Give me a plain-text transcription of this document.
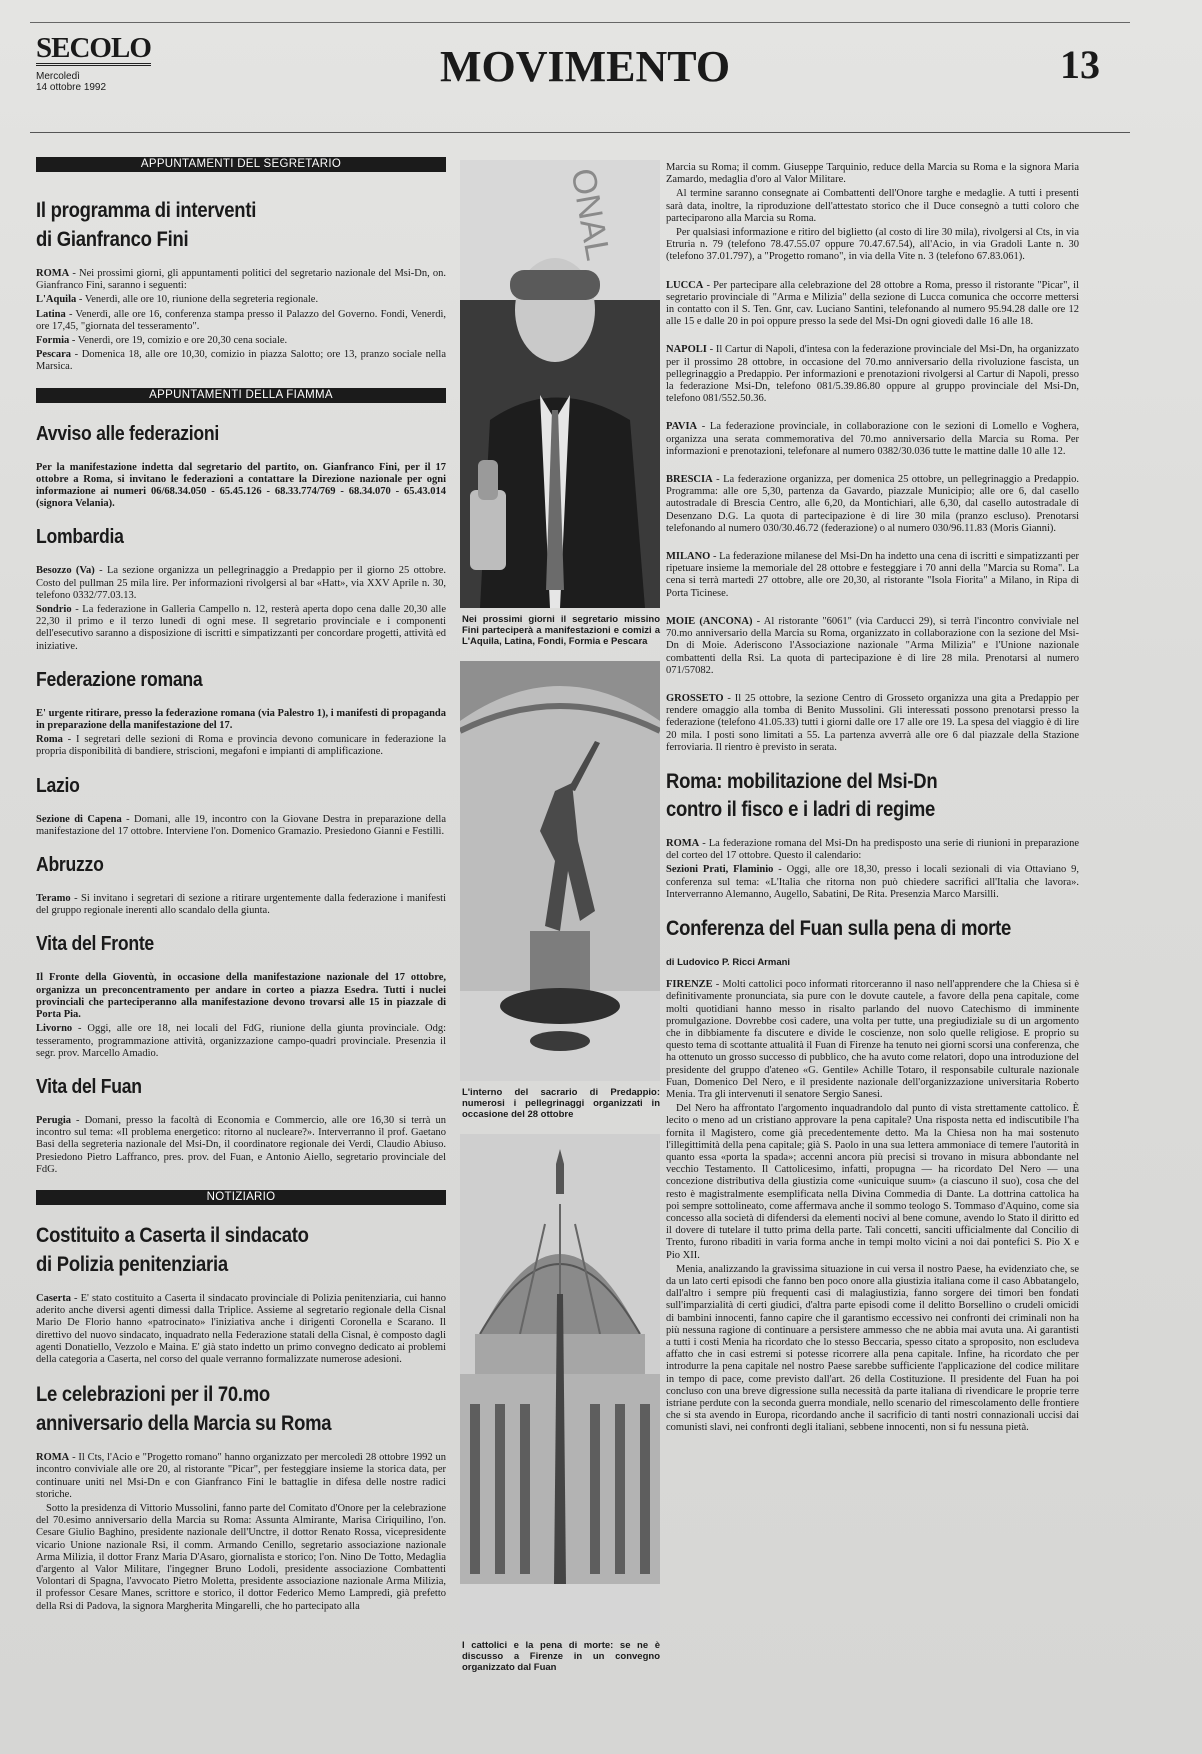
SECOLO
Mercoledì
14 ottobre 1992	MOVIMENTO	13
APPUNTAMENTI DEL SEGRETARIO
Il programma di interventi
di Gianfranco Fini

ROMA - Nei prossimi giorni, gli appuntamenti politici del segretario nazionale del Msi-Dn, on. Gianfranco Fini, saranno i seguenti:

L'Aquila - Venerdì, alle ore 10, riunione della segreteria regionale.

Latina - Venerdì, alle ore 16, conferenza stampa presso il Palazzo del Governo. Fondi, Venerdì, ore 17,45, "giornata del tesseramento".

Formia - Venerdì, ore 19, comizio e ore 20,30 cena sociale.

Pescara - Domenica 18, alle ore 10,30, comizio in piazza Salotto; ore 13, pranzo sociale nella Marsica.

APPUNTAMENTI DELLA FIAMMA
Avviso alle federazioni

Per la manifestazione indetta dal segretario del partito, on. Gianfranco Fini, per il 17 ottobre a Roma, si invitano le federazioni a contattare la Direzione nazionale per ogni informazione ai numeri 06/68.34.050 - 65.45.126 - 68.33.774/769 - 68.34.070 - 65.43.014 (signora Velania).

Lombardia

Besozzo (Va) - La sezione organizza un pellegrinaggio a Predappio per il giorno 25 ottobre. Costo del pullman 25 mila lire. Per informazioni rivolgersi al bar «Hatt», via XXV Aprile n. 30, telefono 0332/77.03.13.

Sondrio - La federazione in Galleria Campello n. 12, resterà aperta dopo cena dalle 20,30 alle 22,30 il primo e il terzo lunedì di ogni mese. Il segretario provinciale e i componenti dell'esecutivo saranno a disposizione di iscritti e simpatizzanti per concordare progetti, attività ed iniziative.

Federazione romana

E' urgente ritirare, presso la federazione romana (via Palestro 1), i manifesti di propaganda in preparazione della manifestazione del 17.

Roma - I segretari delle sezioni di Roma e provincia devono comunicare in federazione la propria disponibilità di bandiere, striscioni, megafoni e impianti di amplificazione.

Lazio

Sezione di Capena - Domani, alle 19, incontro con la Giovane Destra in preparazione della manifestazione del 17 ottobre. Interviene l'on. Domenico Gramazio. Presiedono Gianni e Festilli.

Abruzzo

Teramo - Si invitano i segretari di sezione a ritirare urgentemente dalla federazione i manifesti del gruppo regionale inerenti allo scandalo della giunta.

Vita del Fronte

Il Fronte della Gioventù, in occasione della manifestazione nazionale del 17 ottobre, organizza un preconcentramento per andare in corteo a piazza Esedra. Tutti i nuclei provinciali che parteciperanno alla manifestazione devono trovarsi alle 15 in piazzale di Porta Pia.

Livorno - Oggi, alle ore 18, nei locali del FdG, riunione della giunta provinciale. Odg: tesseramento, programmazione attività, organizzazione campo-quadri provinciale. Presenzia il segr. prov. Marcello Amadio.

Vita del Fuan

Perugia - Domani, presso la facoltà di Economia e Commercio, alle ore 16,30 si terrà un incontro sul tema: «Il problema energetico: ritorno al nucleare?». Interverranno il prof. Gaetano Basi della segreteria nazionale del Msi-Dn, il coordinatore regionale dei Verdi, Claudio Abiuso. Presiedono Pietro Laffranco, pres. prov. del Fuan, e Antonio Aiello, segretario provinciale del FdG.

NOTIZIARIO
Costituito a Caserta il sindacato
di Polizia penitenziaria

Caserta - E' stato costituito a Caserta il sindacato provinciale di Polizia penitenziaria, cui hanno aderito anche diversi agenti dimessi dalla Triplice. Assieme al segretario regionale della Cisnal Mario De Florio hanno «patrocinato» l'iniziativa anche i dirigenti Coronella e Scarano. Il direttivo del nuovo sindacato, inquadrato nella Federazione statali della Cisnal, è composto dagli agenti Donatiello, Vezzolo e Maina. E' già stato indetto un primo convegno dedicato ai problemi della categoria a Caserta, nel corso del quale verranno formalizzate numerose adesioni.

Le celebrazioni per il 70.mo
anniversario della Marcia su Roma

ROMA - Il Cts, l'Acio e "Progetto romano" hanno organizzato per mercoledì 28 ottobre 1992 un incontro conviviale alle ore 20, al ristorante "Picar", per festeggiare insieme la storica data, per continuare uniti nel Msi-Dn e con Gianfranco Fini le battaglie in difesa delle nostre radici storiche.

Sotto la presidenza di Vittorio Mussolini, fanno parte del Comitato d'Onore per la celebrazione del 70.esimo anniversario della Marcia su Roma: Assunta Almirante, Marisa Ciriquilino, l'on. Cesare Giulio Baghino, presidente nazionale dell'Unctre, il dottor Renato Rossa, vicepresidente vicario Unione nazionale Rsi, il comm. Armando Cenillo, segretario associazione nazionale Arma Milizia, il dottor Franz Maria D'Asaro, giornalista e storico; l'on. Nino De Totto, Medaglia d'argento al Valor Militare, l'ingegner Bruno Lodoli, presidente associazione Combattenti Volontari di Spagna, l'avvocato Pietro Moletta, presidente associazione nazionale Arma Milizia, il professor Cesare Manes, scrittore e storico, il dottor Federico Memo Lampredi, già prefetto della Rsi di Padova, la signora Margherita Mingarelli, che ho partecipato alla

ONAL
Nei prossimi giorni il segretario missino Fini parteciperà a manifestazioni e comizi a L'Aquila, Latina, Fondi, Formia e Pescara
L'interno del sacrario di Predappio: numerosi i pellegrinaggi organizzati in occasione del 28 ottobre
I cattolici e la pena di morte: se ne è discusso a Firenze in un convegno organizzato dal Fuan

Marcia su Roma; il comm. Giuseppe Tarquinio, reduce della Marcia su Roma e la signora Maria Zamardo, medaglia d'oro al Valor Militare.

Al termine saranno consegnate ai Combattenti dell'Onore targhe e medaglie. A tutti i presenti sarà data, inoltre, la riproduzione dell'attestato storico che il Duce consegnò a tutti coloro che parteciparono alla Marcia su Roma.

Per qualsiasi informazione e ritiro del biglietto (al costo di lire 30 mila), rivolgersi al Cts, in via Etruria n. 79 (telefono 78.47.55.07 oppure 70.47.67.54), all'Acio, in via Gradoli Lante n. 30 (telefono 37.01.797), a "Progetto romano", in via della Vite n. 3 (telefono 67.83.061).

LUCCA - Per partecipare alla celebrazione del 28 ottobre a Roma, presso il ristorante "Picar", il segretario provinciale di "Arma e Milizia" della sezione di Lucca comunica che occorre mettersi in contatto con il S. Ten. Gnr, cav. Luciano Santini, telefonando al numero 95.94.28 dalle ore 12 alle 15 e dalle 20 in poi oppure presso la sede del Msi-Dn ogni giovedì dalle 16 alle 18.

NAPOLI - Il Cartur di Napoli, d'intesa con la federazione provinciale del Msi-Dn, ha organizzato per il prossimo 28 ottobre, in occasione del 70.mo anniversario della rivoluzione fascista, un pellegrinaggio a Predappio. Per informazioni e prenotazioni rivolgersi al Cartur di Napoli, presso la federazione Msi-Dn, telefono 081/5.39.86.80 oppure al gruppo provinciale del Msi-Dn, telefono 081/552.50.36.

PAVIA - La federazione provinciale, in collaborazione con le sezioni di Lomello e Voghera, organizza una serata commemorativa del 70.mo anniversario della Marcia su Roma. Per informazioni e prenotazioni, telefonare al numero 0382/30.036 tutte le mattine dalle 10 alle 12.

BRESCIA - La federazione organizza, per domenica 25 ottobre, un pellegrinaggio a Predappio. Programma: alle ore 5,30, partenza da Gavardo, piazzale Municipio; alle ore 6, dal casello autostradale di Brescia Centro, alle 6,20, da Montichiari, alle 6,30, dal casello autostradale di Desenzano D.G. La quota di partecipazione è di lire 30 mila (pranzo escluso). Prenotarsi telefonando al numero 030/30.46.72 (federazione) o al numero 030/96.11.83 (Moris Gianni).

MILANO - La federazione milanese del Msi-Dn ha indetto una cena di iscritti e simpatizzanti per ripetuare insieme la memoriale del 28 ottobre e festeggiare i 70 anni della "Marcia su Roma". La cena si terrà martedì 27 ottobre, alle ore 20,30, al ristorante "Isola Fiorita" a Milano, in Ripa di Porta Ticinese.

MOIE (ANCONA) - Al ristorante "6061" (via Carducci 29), si terrà l'incontro conviviale nel 70.mo anniversario della Marcia su Roma, organizzato in collaborazione con la sezione del Msi-Dn di Moie. Aderiscono l'Associazione nazionale "Arma Milizia" e l'Unione nazionale combattenti della Rsi. La quota di partecipazione è di lire 28 mila. Prenotarsi al numero 071/57082.

GROSSETO - Il 25 ottobre, la sezione Centro di Grosseto organizza una gita a Predappio per rendere omaggio alla tomba di Benito Mussolini. Gli interessati possono prenotarsi presso la federazione (telefono 41.05.33) tutti i giorni dalle ore 17 alle ore 19. La spesa del viaggio è di lire 20 mila. I posti sono limitati a 55. La partenza avverrà alle ore 6 dal piazzale della Stazione ferroviaria. Il rientro è previsto in serata.

Roma: mobilitazione del Msi-Dn
contro il fisco e i ladri di regime

ROMA - La federazione romana del Msi-Dn ha predisposto una serie di riunioni in preparazione del corteo del 17 ottobre. Questo il calendario:

Sezioni Prati, Flaminio - Oggi, alle ore 18,30, presso i locali sezionali di via Ottaviano 9, conferenza sul tema: «L'Italia che ritorna non può chiedere sacrifici all'Italia che lavora». Interverranno Alemanno, Augello, Sabatini, De Rita. Presenzia Marco Marsilli.

Conferenza del Fuan sulla pena di morte
di Ludovico P. Ricci Armani

FIRENZE - Molti cattolici poco informati ritorceranno il naso nell'apprendere che la Chiesa si è definitivamente pronunciata, sia pure con le dovute cautele, a favore della pena capitale, come molti quotidiani hanno messo in risalto parlando del nuovo Catechismo di imminente promulgazione. Dovrebbe così cadere, una volta per tutte, una pregiudiziale su di un argomento che in dibbiamente fa discutere e divide le coscienze, non solo quelle religiose. E proprio su questo tema di scottante attualità il Fuan di Firenze ha tenuto nei giorni scorsi una conferenza, che ha ottenuto un grosso successo di pubblico, che ha avuto come relatori, dopo una introduzione del presidente del gruppo d'ateneo «G. Gentile» Achille Totaro, il responsabile culturale nazionale Fuan, Domenico Del Nero, e il presidente nazionale dell'organizzazione universitaria Roberto Menia. Tra gli intervenuti il senatore Sergio Sanesi.

Del Nero ha affrontato l'argomento inquadrandolo dal punto di vista strettamente cattolico. È lecito o meno ad un cristiano approvare la pena capitale? Una risposta netta ed indiscutibile l'ha fornita il Magistero, come già precedentemente detto. Ma la Chiesa non ha mai sostenuto l'illegittimità della pena capitale; già S. Paolo in una sua lettera ammoniace di temere l'autorità in quanto essa «porta la spada»; accenni ancora più precisi si trovano in misura abbondante nel vecchio Testamento. Il Cattolicesimo, infatti, propugna — ha ricordato Del Nero — una concezione distributiva della giustizia come «unicuique suum» (a ciascuno il suo), cosa che del resto è magistralmente esemplificata nella Divina Commedia di Dante. La dottrina cattolica ha poi sempre sottolineato, come affermava anche il sommo teologo S. Tommaso d'Aquino, come sia concesso alla società di difendersi da elementi nocivi al bene comune, avendo lo Stato il diritto ed il dovere di tutelare il tutto prima della parte. Tali concetti, sanciti ufficialmente dal Concilio di Trento, furono ribaditi in varia forma anche in tempi molto vicini a noi dai pontefici S. Pio X e Pio XII.

Menia, analizzando la gravissima situazione in cui versa il nostro Paese, ha evidenziato che, se da un lato certi episodi che fanno ben poco onore alla giustizia italiana come il caso Abbatangelo, dall'altro i sempre più frequenti casi di malagiustizia, fanno sorgere dei timori ben fondati sull'imparzialità di certi giudici, d'altra parte episodi come il delitto Borsellino o crudeli omicidi di bambini innocenti, fanno capire che il garantismo eccessivo nei confronti dei criminali non ha più nessuna ragione di continuare a persistere ammesso che ne abbia mai avuta una. Ai garantisti a tutti i costi Menia ha ricordato che lo stesso Beccaria, spesso citato a sproposito, non escludeva affatto che in casi estremi si potesse ricorrere alla pena capitale. Infine, ha ricordato che per introdurre la pena capitale nel nostro Paese sarebbe sufficiente l'applicazione del codice militare in tempo di pace, come previsto dall'art. 26 della Costituzione. Il presidente del Fuan ha poi concluso con una breve digressione sulla necessità da parte italiana di rivendicare le proprie terre istriane perdute con la seconda guerra mondiale, nello scenario del rimescolamento delle frontiere che si sta avendo in Europa, ricordando anche il sacrificio di tanti nostri connazionali uccisi dai comunisti slavi, nei confronti degli italiani, sebbene innocenti, non si fu nessuna pietà.
